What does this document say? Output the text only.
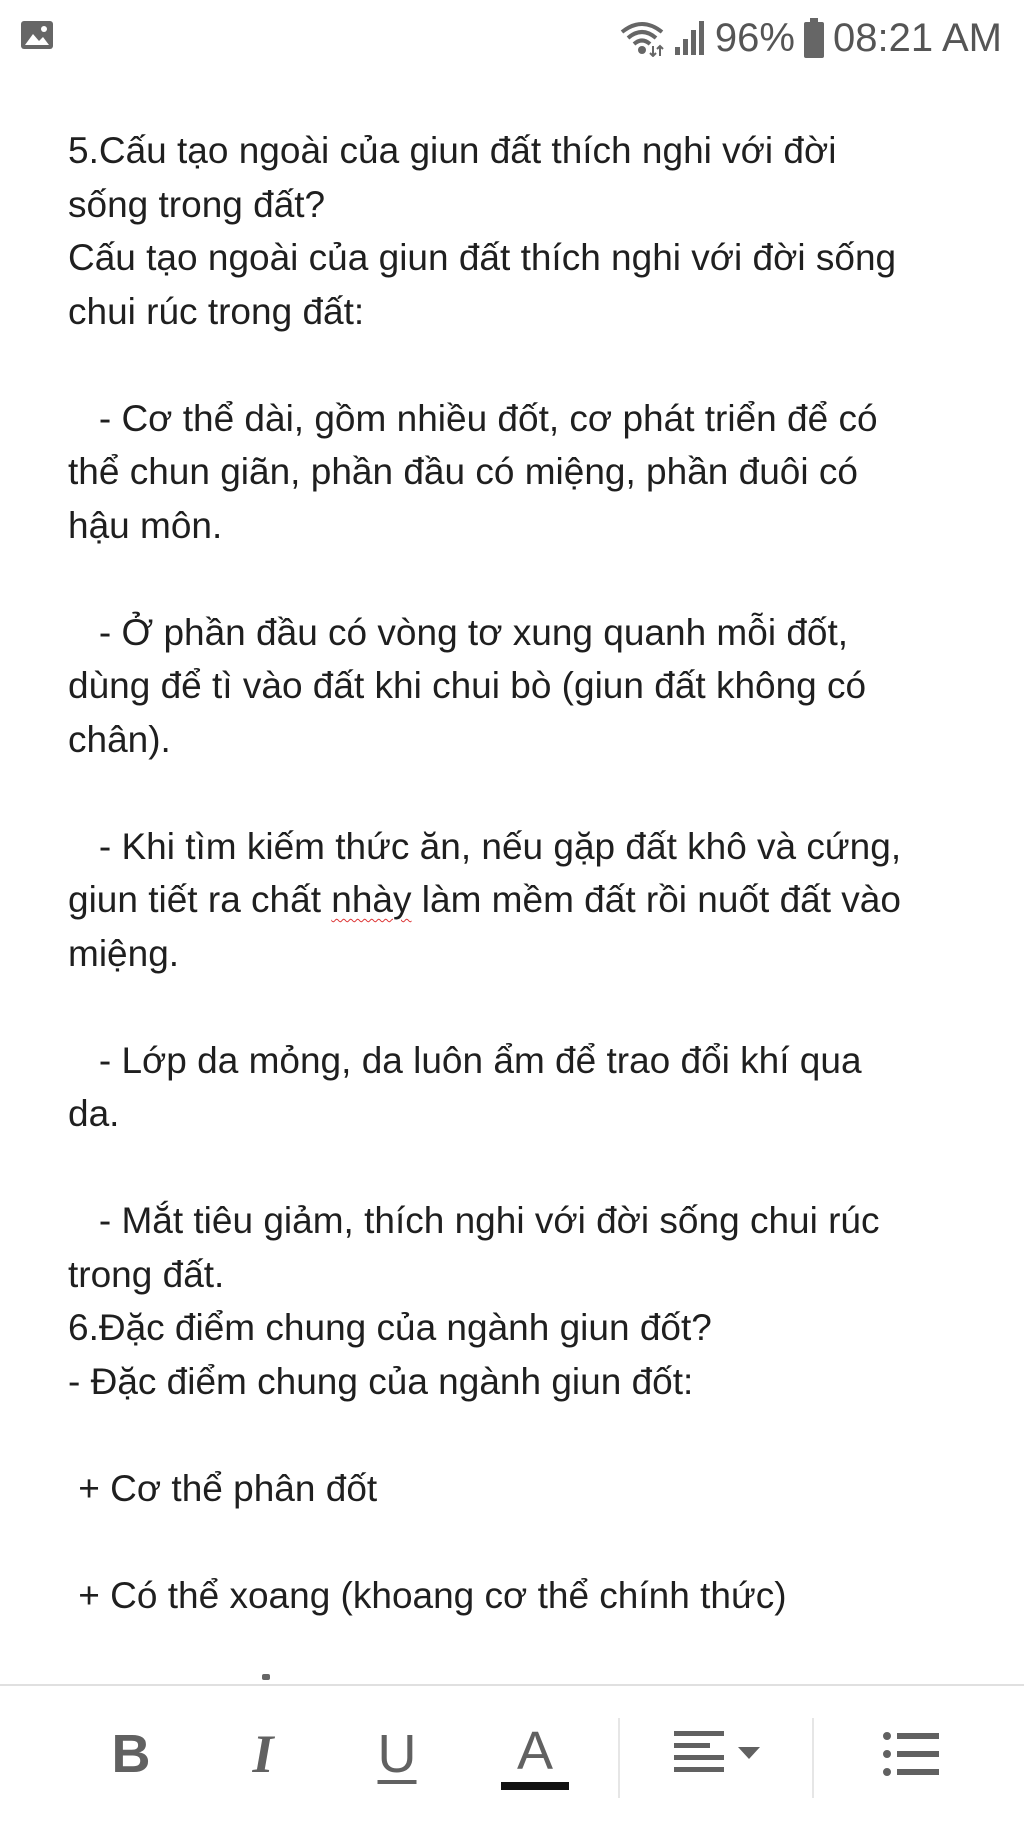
96% 08:21 AM

5.Cấu tạo ngoài của giun đất thích nghi với đời

sống trong đất?

Cấu tạo ngoài của giun đất thích nghi với đời sống

chui rúc trong đất:

- Cơ thể dài, gồm nhiều đốt, cơ phát triển để có

thể chun giãn, phần đầu có miệng, phần đuôi có

hậu môn.

- Ở phần đầu có vòng tơ xung quanh mỗi đốt,

dùng để tì vào đất khi chui bò (giun đất không có

chân).

- Khi tìm kiếm thức ăn, nếu gặp đất khô và cứng,

giun tiết ra chất nhày làm mềm đất rồi nuốt đất vào

miệng.

- Lớp da mỏng, da luôn ẩm để trao đổi khí qua

da.

- Mắt tiêu giảm, thích nghi với đời sống chui rúc

trong đất.

6.Đặc điểm chung của ngành giun đốt?

- Đặc điểm chung của ngành giun đốt:

+ Cơ thể phân đốt

+ Có thể xoang (khoang cơ thể chính thức)

B I U A
